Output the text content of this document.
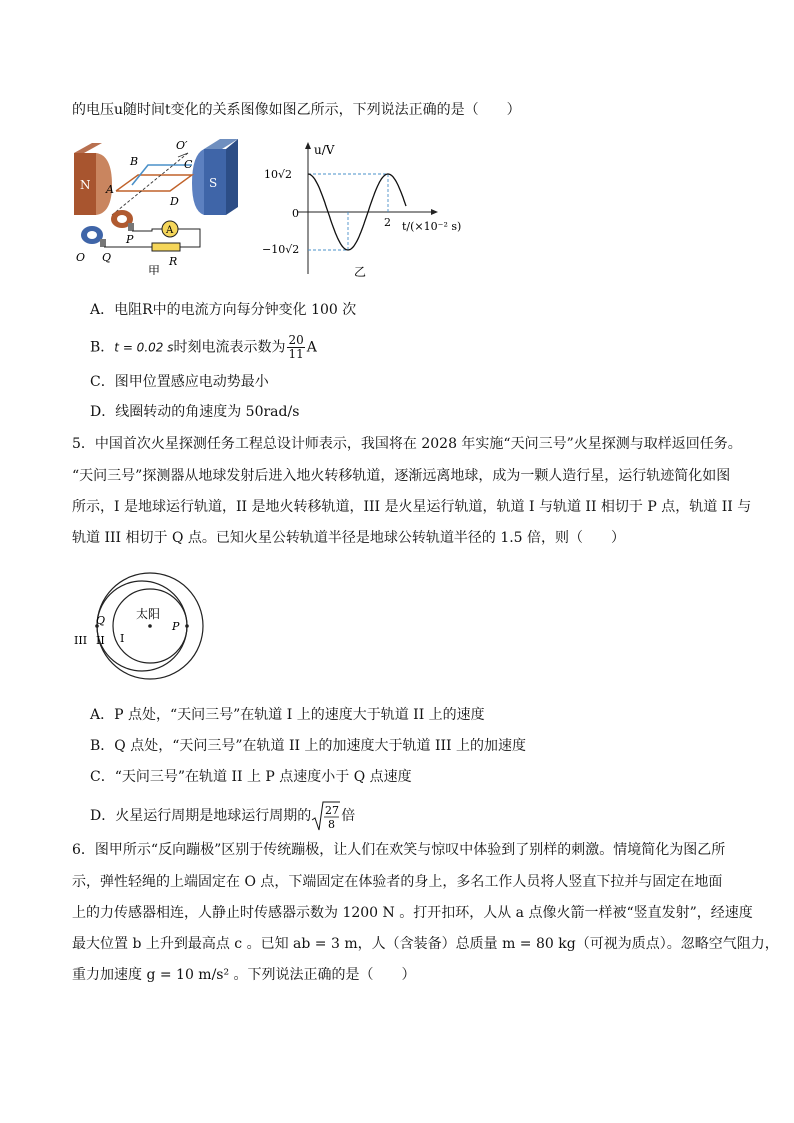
的电压u随时间t变化的关系图像如图乙所示，下列说法正确的是（　　）
N	S
O′
B	C
A
D
P
Q
O
A
R
甲
u/V
t/(×10⁻² s)
10√2
0
−10√2
2
乙
A．电阻R中的电流方向每分钟变化 100 次
B．t = 0.02 s时刻电流表示数为 $\frac{20}{11}$ A
C．图甲位置感应电动势最小
D．线圈转动的角速度为 50rad/s
5．中国首次火星探测任务工程总设计师表示，我国将在 2028 年实施“天问三号”火星探测与取样返回任务。
“天问三号”探测器从地球发射后进入地火转移轨道，逐渐远离地球，成为一颗人造行星，运行轨迹简化如图
所示，I 是地球运行轨道，II 是地火转移轨道，III 是火星运行轨道，轨道 I 与轨道 II 相切于 P 点，轨道 II 与
轨道 III 相切于 Q 点。已知火星公转轨道半径是地球公转轨道半径的 1.5 倍，则（　　）
太阳
Q	P
III II I
A．P 点处，“天问三号”在轨道 I 上的速度大于轨道 II 上的速度
B．Q 点处，“天问三号”在轨道 II 上的加速度大于轨道 III 上的加速度
C．“天问三号”在轨道 II 上 P 点速度小于 Q 点速度
D．火星运行周期是地球运行周期的 27
8
倍
6．图甲所示“反向蹦极”区别于传统蹦极，让人们在欢笑与惊叹中体验到了别样的刺激。情境简化为图乙所
示，弹性轻绳的上端固定在 O 点，下端固定在体验者的身上，多名工作人员将人竖直下拉并与固定在地面
上的力传感器相连，人静止时传感器示数为 1200 N 。打开扣环，人从 a 点像火箭一样被“竖直发射”，经速度
最大位置 b 上升到最高点 c 。已知 ab = 3 m，人（含装备）总质量 m = 80 kg（可视为质点）。忽略空气阻力，
重力加速度 g = 10 m/s² 。下列说法正确的是（　　）
